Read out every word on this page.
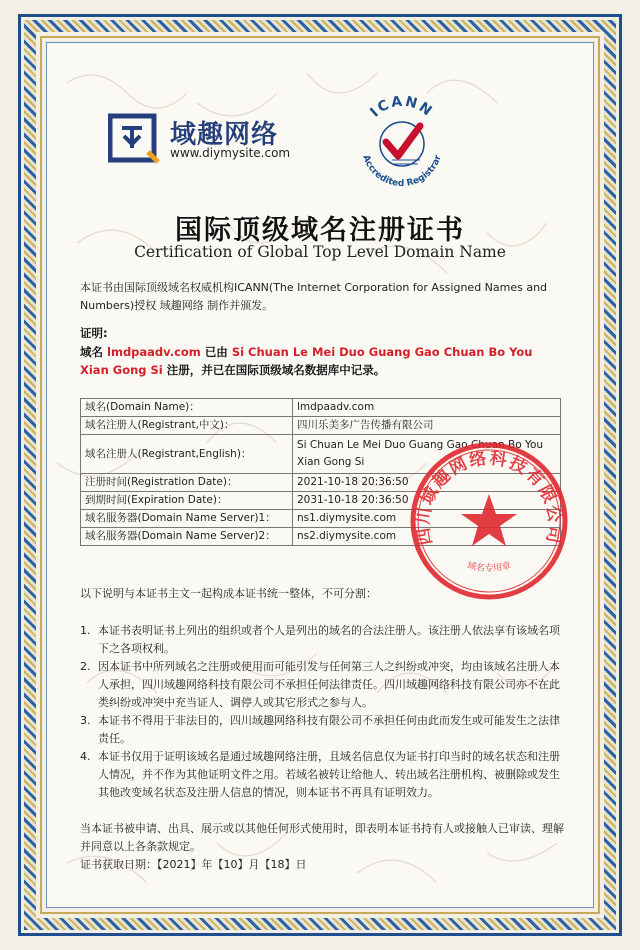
域趣网络
www.diymysite.com
ICANN
Accredited Registrar
国际顶级域名注册证书
Certification of Global Top Level Domain Name
本证书由国际顶级域名权威机构ICANN(The Internet Corporation for Assigned Names and Numbers)授权 域趣网络 制作并颁发。
证明:
域名 lmdpaadv.com 已由 Si Chuan Le Mei Duo Guang Gao Chuan Bo You Xian Gong Si 注册，并已在国际顶级域名数据库中记录。
域名(Domain Name)：	lmdpaadv.com
域名注册人(Registrant,中文)：	四川乐美多广告传播有限公司
域名注册人(Registrant,English)：	Si Chuan Le Mei Duo Guang Gao Chuan Bo You Xian Gong Si
注册时间(Registration Date)：	2021-10-18 20:36:50
到期时间(Expiration Date)：	2031-10-18 20:36:50
域名服务器(Domain Name Server)1：	ns1.diymysite.com
域名服务器(Domain Name Server)2：	ns2.diymysite.com 四川域趣网络科技有限公司
域名专用章
以下说明与本证书主文一起构成本证书统一整体，不可分割：
1. 本证书表明证书上列出的组织或者个人是列出的域名的合法注册人。该注册人依法享有该域名项下之各项权利。
2. 因本证书中所列域名之注册或使用而可能引发与任何第三人之纠纷或冲突，均由该域名注册人本人承担，四川域趣网络科技有限公司不承担任何法律责任。四川域趣网络科技有限公司亦不在此类纠纷或冲突中充当证人、调停人或其它形式之参与人。
3. 本证书不得用于非法目的，四川域趣网络科技有限公司不承担任何由此而发生或可能发生之法律责任。
4. 本证书仅用于证明该域名是通过域趣网络注册，且域名信息仅为证书打印当时的域名状态和注册人情况，并不作为其他证明文件之用。若域名被转让给他人、转出域名注册机构、被删除或发生其他改变域名状态及注册人信息的情况，则本证书不再具有证明效力。
当本证书被申请、出具、展示或以其他任何形式使用时，即表明本证书持有人或接触人已审读、理解并同意以上各条款规定。
证书获取日期：【2021】年【10】月【18】日
